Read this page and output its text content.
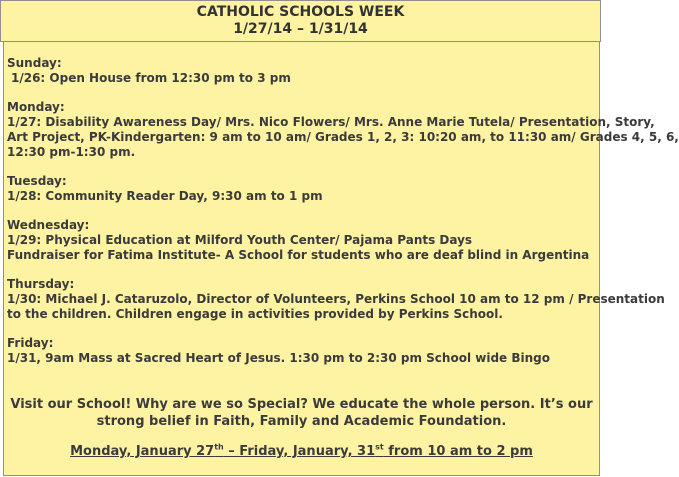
CATHOLIC SCHOOLS WEEK
1/27/14 – 1/31/14
Sunday:
1/26: Open House from 12:30 pm to 3 pm
Monday:
1/27: Disability Awareness Day/ Mrs. Nico Flowers/ Mrs. Anne Marie Tutela/ Presentation, Story,
Art Project, PK-Kindergarten: 9 am to 10 am/ Grades 1, 2, 3: 10:20 am, to 11:30 am/ Grades 4, 5, 6,
12:30 pm-1:30 pm.
Tuesday:
1/28: Community Reader Day, 9:30 am to 1 pm
Wednesday:
1/29: Physical Education at Milford Youth Center/ Pajama Pants Days
Fundraiser for Fatima Institute- A School for students who are deaf blind in Argentina
Thursday:
1/30: Michael J. Cataruzolo, Director of Volunteers, Perkins School 10 am to 12 pm / Presentation
to the children. Children engage in activities provided by Perkins School.
Friday:
1/31, 9am Mass at Sacred Heart of Jesus. 1:30 pm to 2:30 pm School wide Bingo
Visit our School! Why are we so Special? We educate the whole person. It’s our
strong belief in Faith, Family and Academic Foundation.
Monday, January 27th – Friday, January, 31st from 10 am to 2 pm
